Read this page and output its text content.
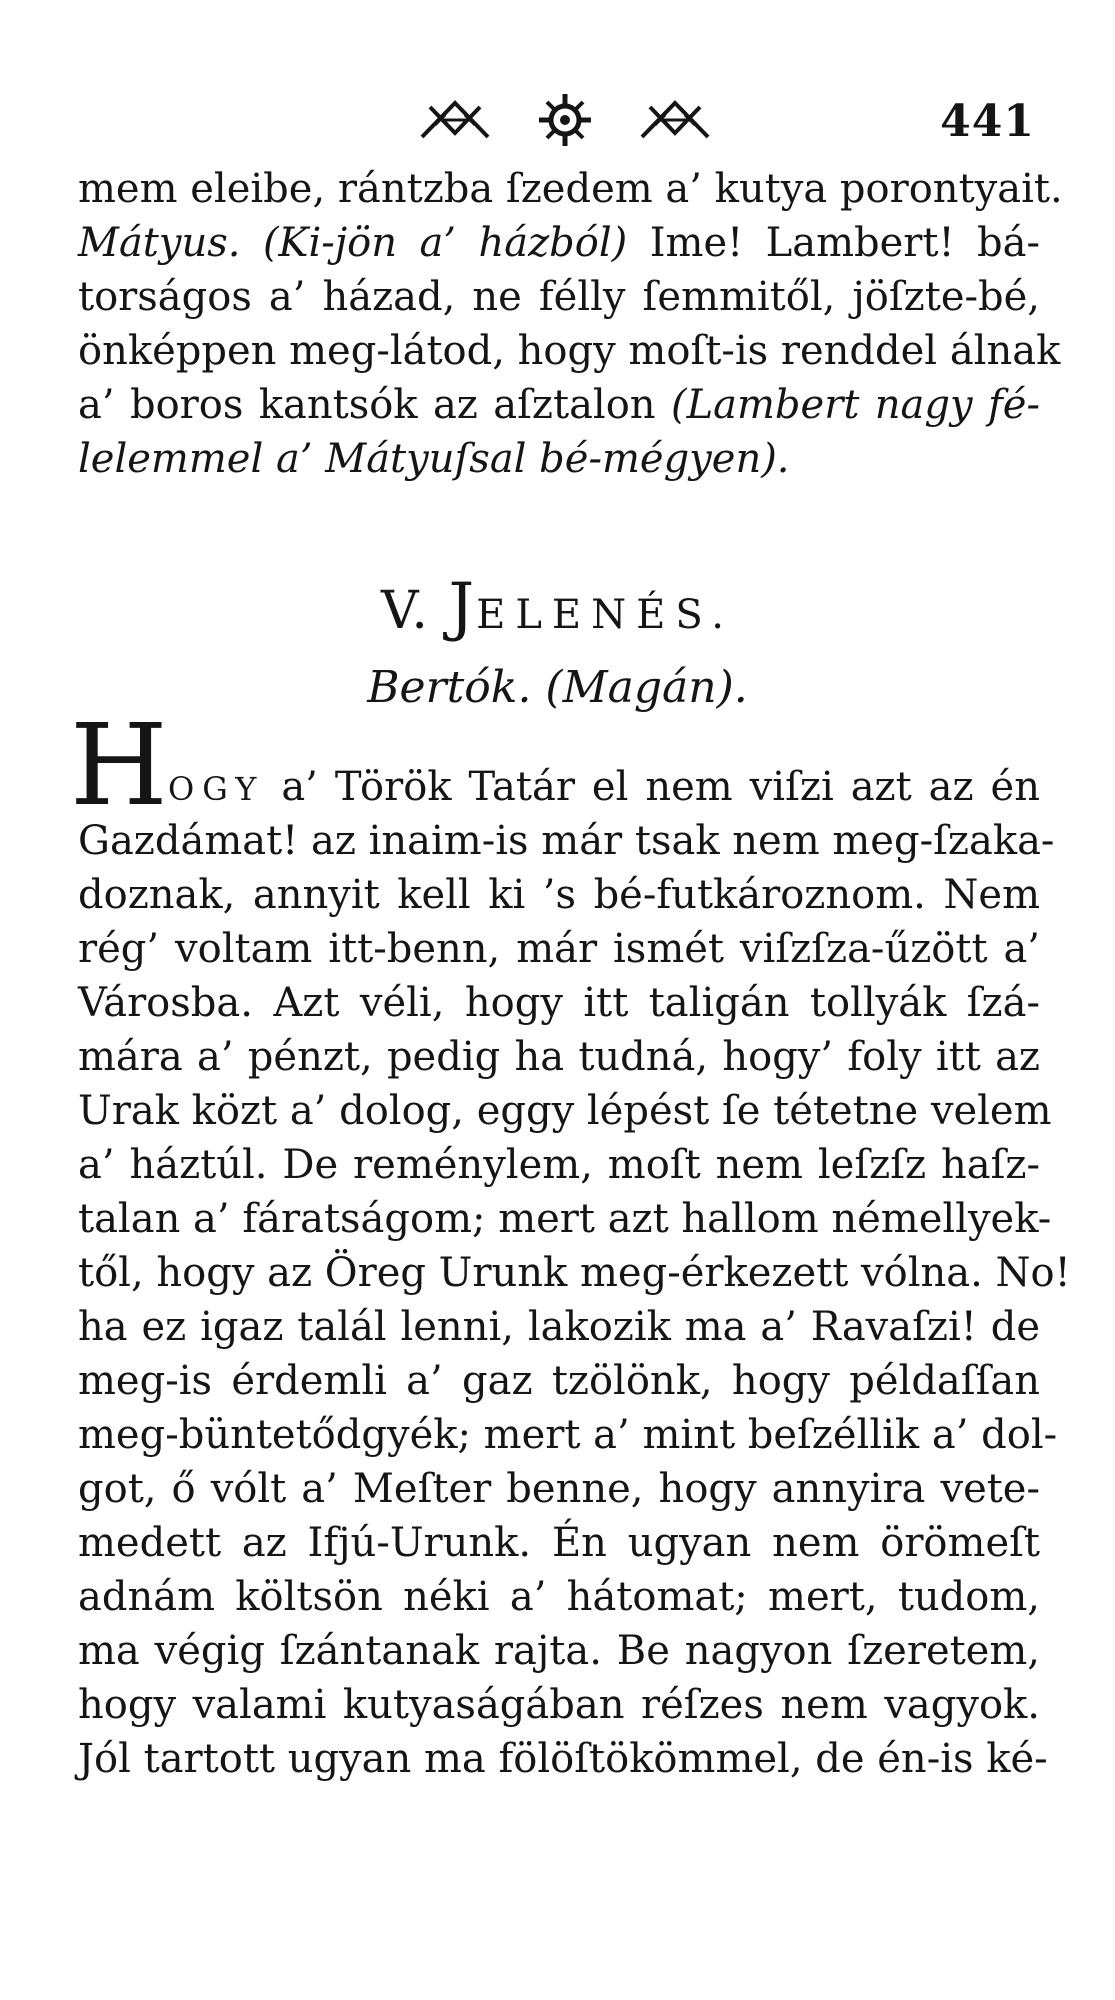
441
mem eleibe, rántzba ſzedem a’ kutya porontyait.
Mátyus. (Ki-jön a’ házból) Ime! Lambert! bá-
torságos a’ házad, ne félly ſemmitől, jöſzte-bé,
önképpen meg-látod, hogy moſt-is renddel álnak
a’ boros kantsók az aſztalon (Lambert nagy fé-
lelemmel a’ Mátyuſsal bé-mégyen).
V. JELENÉS.
Bertók. (Magán).
H OGY a’ Török Tatár el nem viſzi azt az én
Gazdámat! az inaim-is már tsak nem meg-ſzaka-
doznak, annyit kell ki ’s bé-futkároznom. Nem
rég’ voltam itt-benn, már ismét viſzſza-űzött a’
Városba. Azt véli, hogy itt taligán tollyák ſzá-
mára a’ pénzt, pedig ha tudná, hogy’ foly itt az
Urak közt a’ dolog, eggy lépést ſe tétetne velem
a’ háztúl. De reménylem, moſt nem leſzſz haſz-
talan a’ fáratságom; mert azt hallom némellyek-
től, hogy az Öreg Urunk meg-érkezett vólna. No!
ha ez igaz talál lenni, lakozik ma a’ Ravaſzi! de
meg-is érdemli a’ gaz tzölönk, hogy példaſſan
meg-büntetődgyék; mert a’ mint beſzéllik a’ dol-
got, ő vólt a’ Meſter benne, hogy annyira vete-
medett az Ifjú-Urunk. Én ugyan nem örömeſt
adnám költsön néki a’ hátomat; mert, tudom,
ma végig ſzántanak rajta. Be nagyon ſzeretem,
hogy valami kutyaságában réſzes nem vagyok.
Jól tartott ugyan ma fölöſtökömmel, de én-is ké-
